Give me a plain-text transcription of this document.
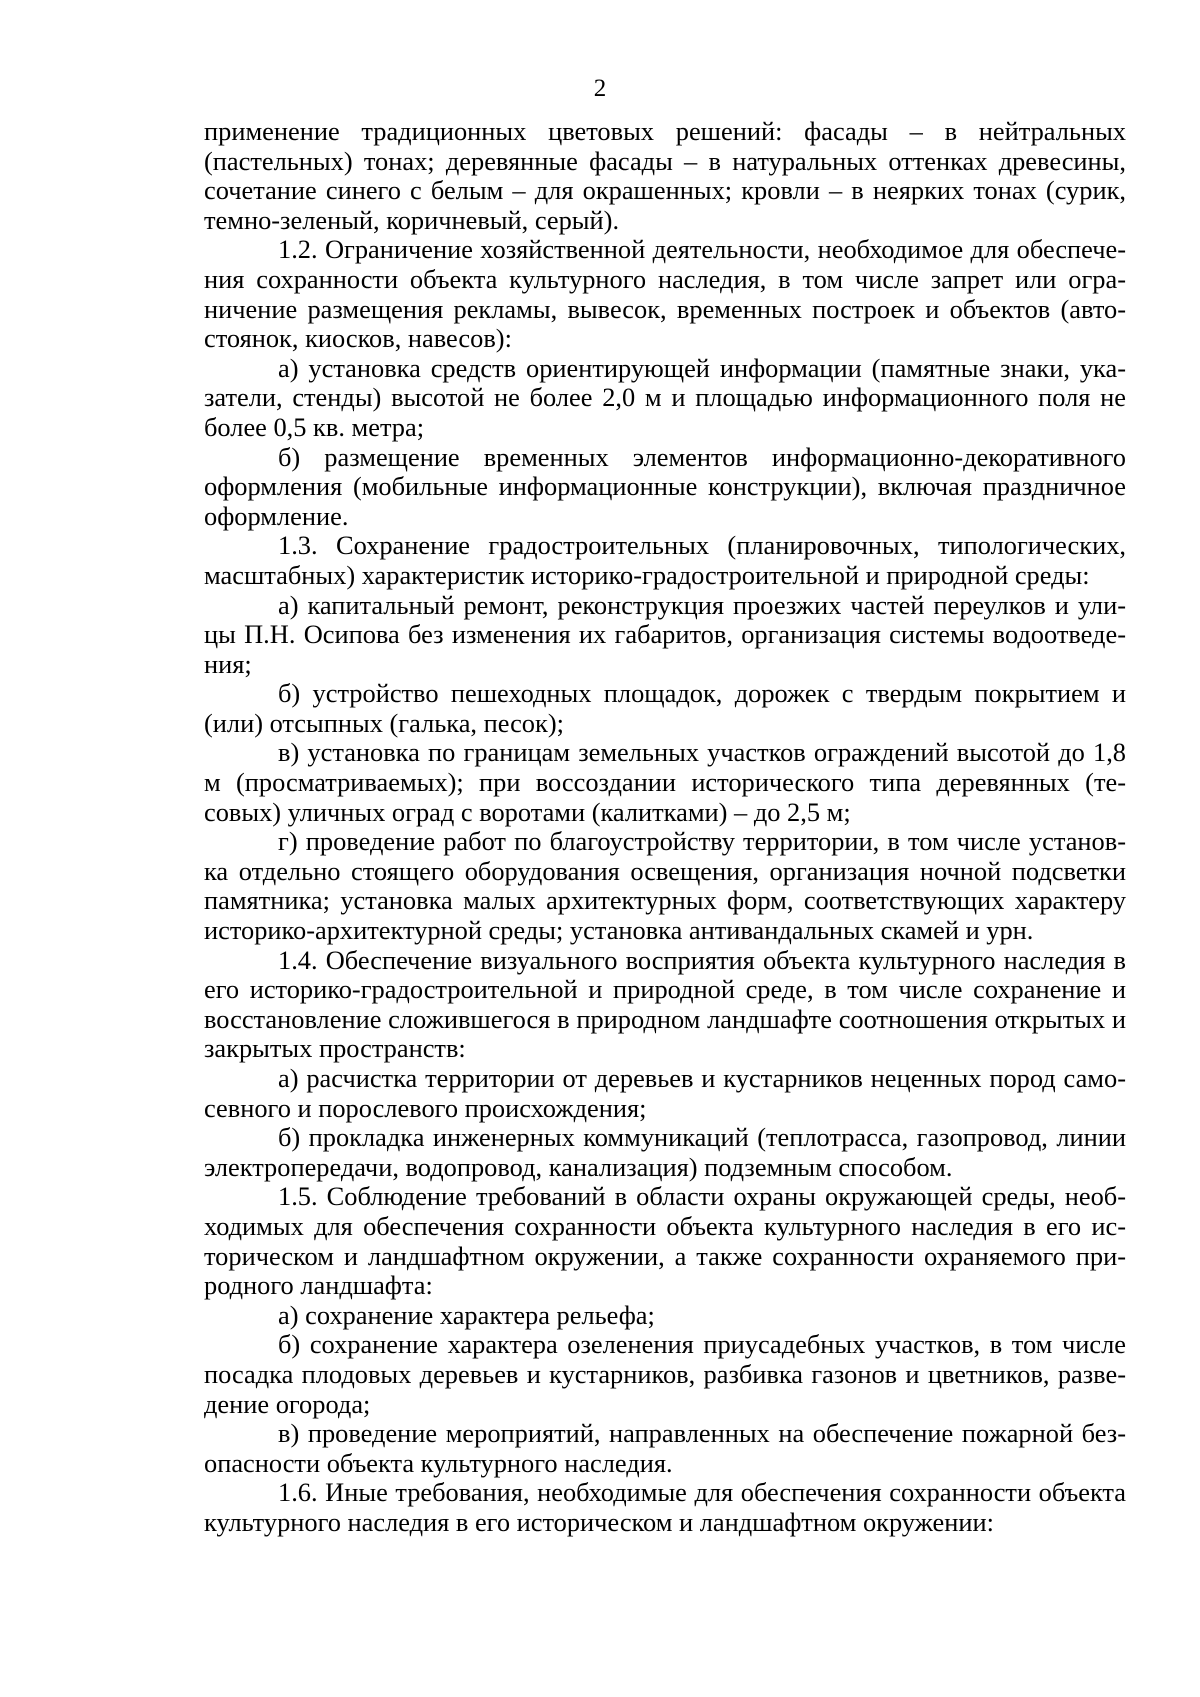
2

применение традиционных цветовых решений: фасады – в нейтральных (пастельных) тонах; деревянные фасады – в натуральных оттенках древесины, сочетание синего с белым – для окрашенных; кровли – в неярких тонах (сурик, темно-зеленый, коричневый, серый).

1.2. Ограничение хозяйственной деятельности, необходимое для обеспечения сохранности объекта культурного наследия, в том числе запрет или ограничение размещения рекламы, вывесок, временных построек и объектов (автостоянок, киосков, навесов):

а) установка средств ориентирующей информации (памятные знаки, указатели, стенды) высотой не более 2,0 м и площадью информационного поля не более 0,5 кв. метра;

б) размещение временных элементов информационно-декоративного оформления (мобильные информационные конструкции), включая праздничное оформление.

1.3. Сохранение градостроительных (планировочных, типологических, масштабных) характеристик историко-градостроительной и природной среды:

а) капитальный ремонт, реконструкция проезжих частей переулков и улицы П.Н. Осипова без изменения их габаритов, организация системы водоотведения;

б) устройство пешеходных площадок, дорожек с твердым покрытием и (или) отсыпных (галька, песок);

в) установка по границам земельных участков ограждений высотой до 1,8 м (просматриваемых); при воссоздании исторического типа деревянных (тесовых) уличных оград с воротами (калитками) – до 2,5 м;

г) проведение работ по благоустройству территории, в том числе установка отдельно стоящего оборудования освещения, организация ночной подсветки памятника; установка малых архитектурных форм, соответствующих характеру историко-архитектурной среды; установка антивандальных скамей и урн.

1.4. Обеспечение визуального восприятия объекта культурного наследия в его историко-градостроительной и природной среде, в том числе сохранение и восстановление сложившегося в природном ландшафте соотношения открытых и закрытых пространств:

а) расчистка территории от деревьев и кустарников неценных пород самосевного и порослевого происхождения;

б) прокладка инженерных коммуникаций (теплотрасса, газопровод, линии электропередачи, водопровод, канализация) подземным способом.

1.5. Соблюдение требований в области охраны окружающей среды, необходимых для обеспечения сохранности объекта культурного наследия в его историческом и ландшафтном окружении, а также сохранности охраняемого природного ландшафта:

а) сохранение характера рельефа;

б) сохранение характера озеленения приусадебных участков, в том числе посадка плодовых деревьев и кустарников, разбивка газонов и цветников, разведение огорода;

в) проведение мероприятий, направленных на обеспечение пожарной безопасности объекта культурного наследия.

1.6. Иные требования, необходимые для обеспечения сохранности объекта культурного наследия в его историческом и ландшафтном окружении:
